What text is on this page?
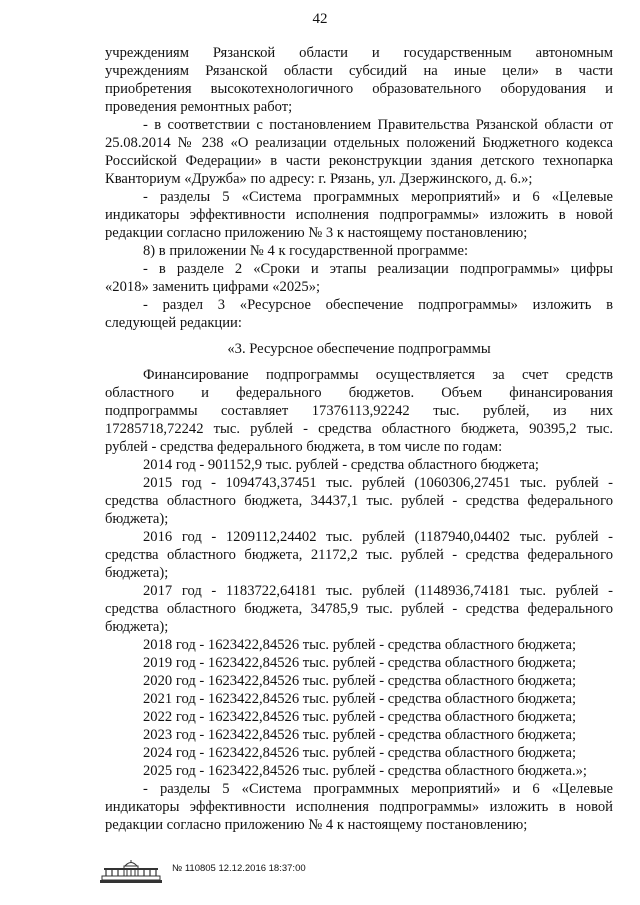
42
учреждениям Рязанской области и государственным автономным
учреждениям Рязанской области субсидий на иные цели» в части
приобретения высокотехнологичного образовательного оборудования и
проведения ремонтных работ;
- в соответствии с постановлением Правительства Рязанской области от
25.08.2014 № 238 «О реализации отдельных положений Бюджетного кодекса
Российской Федерации» в части реконструкции здания детского технопарка
Кванториум «Дружба» по адресу: г. Рязань, ул. Дзержинского, д. 6.»;
- разделы 5 «Система программных мероприятий» и 6 «Целевые
индикаторы эффективности исполнения подпрограммы» изложить в новой
редакции согласно приложению № 3 к настоящему постановлению;
8) в приложении № 4 к государственной программе:
- в разделе 2 «Сроки и этапы реализации подпрограммы» цифры
«2018» заменить цифрами «2025»;
- раздел 3 «Ресурсное обеспечение подпрограммы» изложить в
следующей редакции:
«3. Ресурсное обеспечение подпрограммы
Финансирование подпрограммы осуществляется за счет средств
областного и федерального бюджетов. Объем финансирования
подпрограммы составляет 17376113,92242 тыс. рублей, из них
17285718,72242 тыс. рублей - средства областного бюджета, 90395,2 тыс.
рублей - средства федерального бюджета, в том числе по годам:
2014 год - 901152,9 тыс. рублей - средства областного бюджета;
2015 год - 1094743,37451 тыс. рублей (1060306,27451 тыс. рублей -
средства областного бюджета, 34437,1 тыс. рублей - средства федерального
бюджета);
2016 год - 1209112,24402 тыс. рублей (1187940,04402 тыс. рублей -
средства областного бюджета, 21172,2 тыс. рублей - средства федерального
бюджета);
2017 год - 1183722,64181 тыс. рублей (1148936,74181 тыс. рублей -
средства областного бюджета, 34785,9 тыс. рублей - средства федерального
бюджета);
2018 год - 1623422,84526 тыс. рублей - средства областного бюджета;
2019 год - 1623422,84526 тыс. рублей - средства областного бюджета;
2020 год - 1623422,84526 тыс. рублей - средства областного бюджета;
2021 год - 1623422,84526 тыс. рублей - средства областного бюджета;
2022 год - 1623422,84526 тыс. рублей - средства областного бюджета;
2023 год - 1623422,84526 тыс. рублей - средства областного бюджета;
2024 год - 1623422,84526 тыс. рублей - средства областного бюджета;
2025 год - 1623422,84526 тыс. рублей - средства областного бюджета.»;
- разделы 5 «Система программных мероприятий» и 6 «Целевые
индикаторы эффективности исполнения подпрограммы» изложить в новой
редакции согласно приложению № 4 к настоящему постановлению;
№ 110805 12.12.2016 18:37:00
